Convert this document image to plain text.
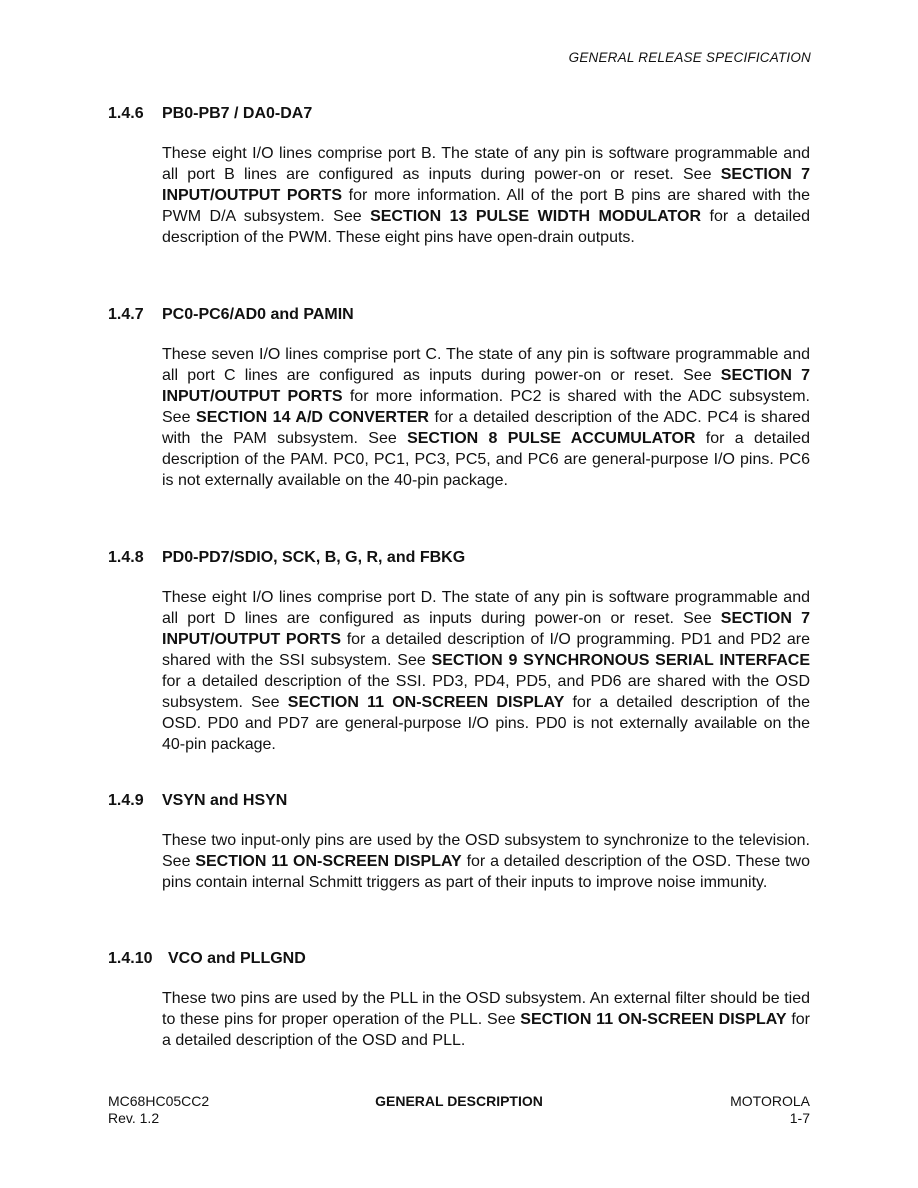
GENERAL RELEASE SPECIFICATION
1.4.6 PB0-PB7 / DA0-DA7
These eight I/O lines comprise port B. The state of any pin is software programmable and all port B lines are configured as inputs during power-on or reset. See SECTION 7 INPUT/OUTPUT PORTS for more information. All of the port B pins are shared with the PWM D/A subsystem. See SECTION 13 PULSE WIDTH MODULATOR for a detailed description of the PWM. These eight pins have open-drain outputs.
1.4.7 PC0-PC6/AD0 and PAMIN
These seven I/O lines comprise port C. The state of any pin is software programmable and all port C lines are configured as inputs during power-on or reset. See SECTION 7 INPUT/OUTPUT PORTS for more information. PC2 is shared with the ADC subsystem. See SECTION 14 A/D CONVERTER for a detailed description of the ADC. PC4 is shared with the PAM subsystem. See SECTION 8 PULSE ACCUMULATOR for a detailed description of the PAM. PC0, PC1, PC3, PC5, and PC6 are general-purpose I/O pins. PC6 is not externally available on the 40-pin package.
1.4.8 PD0-PD7/SDIO, SCK, B, G, R, and FBKG
These eight I/O lines comprise port D. The state of any pin is software programmable and all port D lines are configured as inputs during power-on or reset. See SECTION 7 INPUT/OUTPUT PORTS for a detailed description of I/O programming. PD1 and PD2 are shared with the SSI subsystem. See SECTION 9 SYNCHRONOUS SERIAL INTERFACE for a detailed description of the SSI. PD3, PD4, PD5, and PD6 are shared with the OSD subsystem. See SECTION 11 ON-SCREEN DISPLAY for a detailed description of the OSD. PD0 and PD7 are general-purpose I/O pins. PD0 is not externally available on the 40-pin package.
1.4.9 VSYN and HSYN
These two input-only pins are used by the OSD subsystem to synchronize to the television. See SECTION 11 ON-SCREEN DISPLAY for a detailed description of the OSD. These two pins contain internal Schmitt triggers as part of their inputs to improve noise immunity.
1.4.10 VCO and PLLGND
These two pins are used by the PLL in the OSD subsystem. An external filter should be tied to these pins for proper operation of the PLL. See SECTION 11 ON-SCREEN DISPLAY for a detailed description of the OSD and PLL.
MC68HC05CC2
Rev. 1.2
GENERAL DESCRIPTION	MOTOROLA
1-7
